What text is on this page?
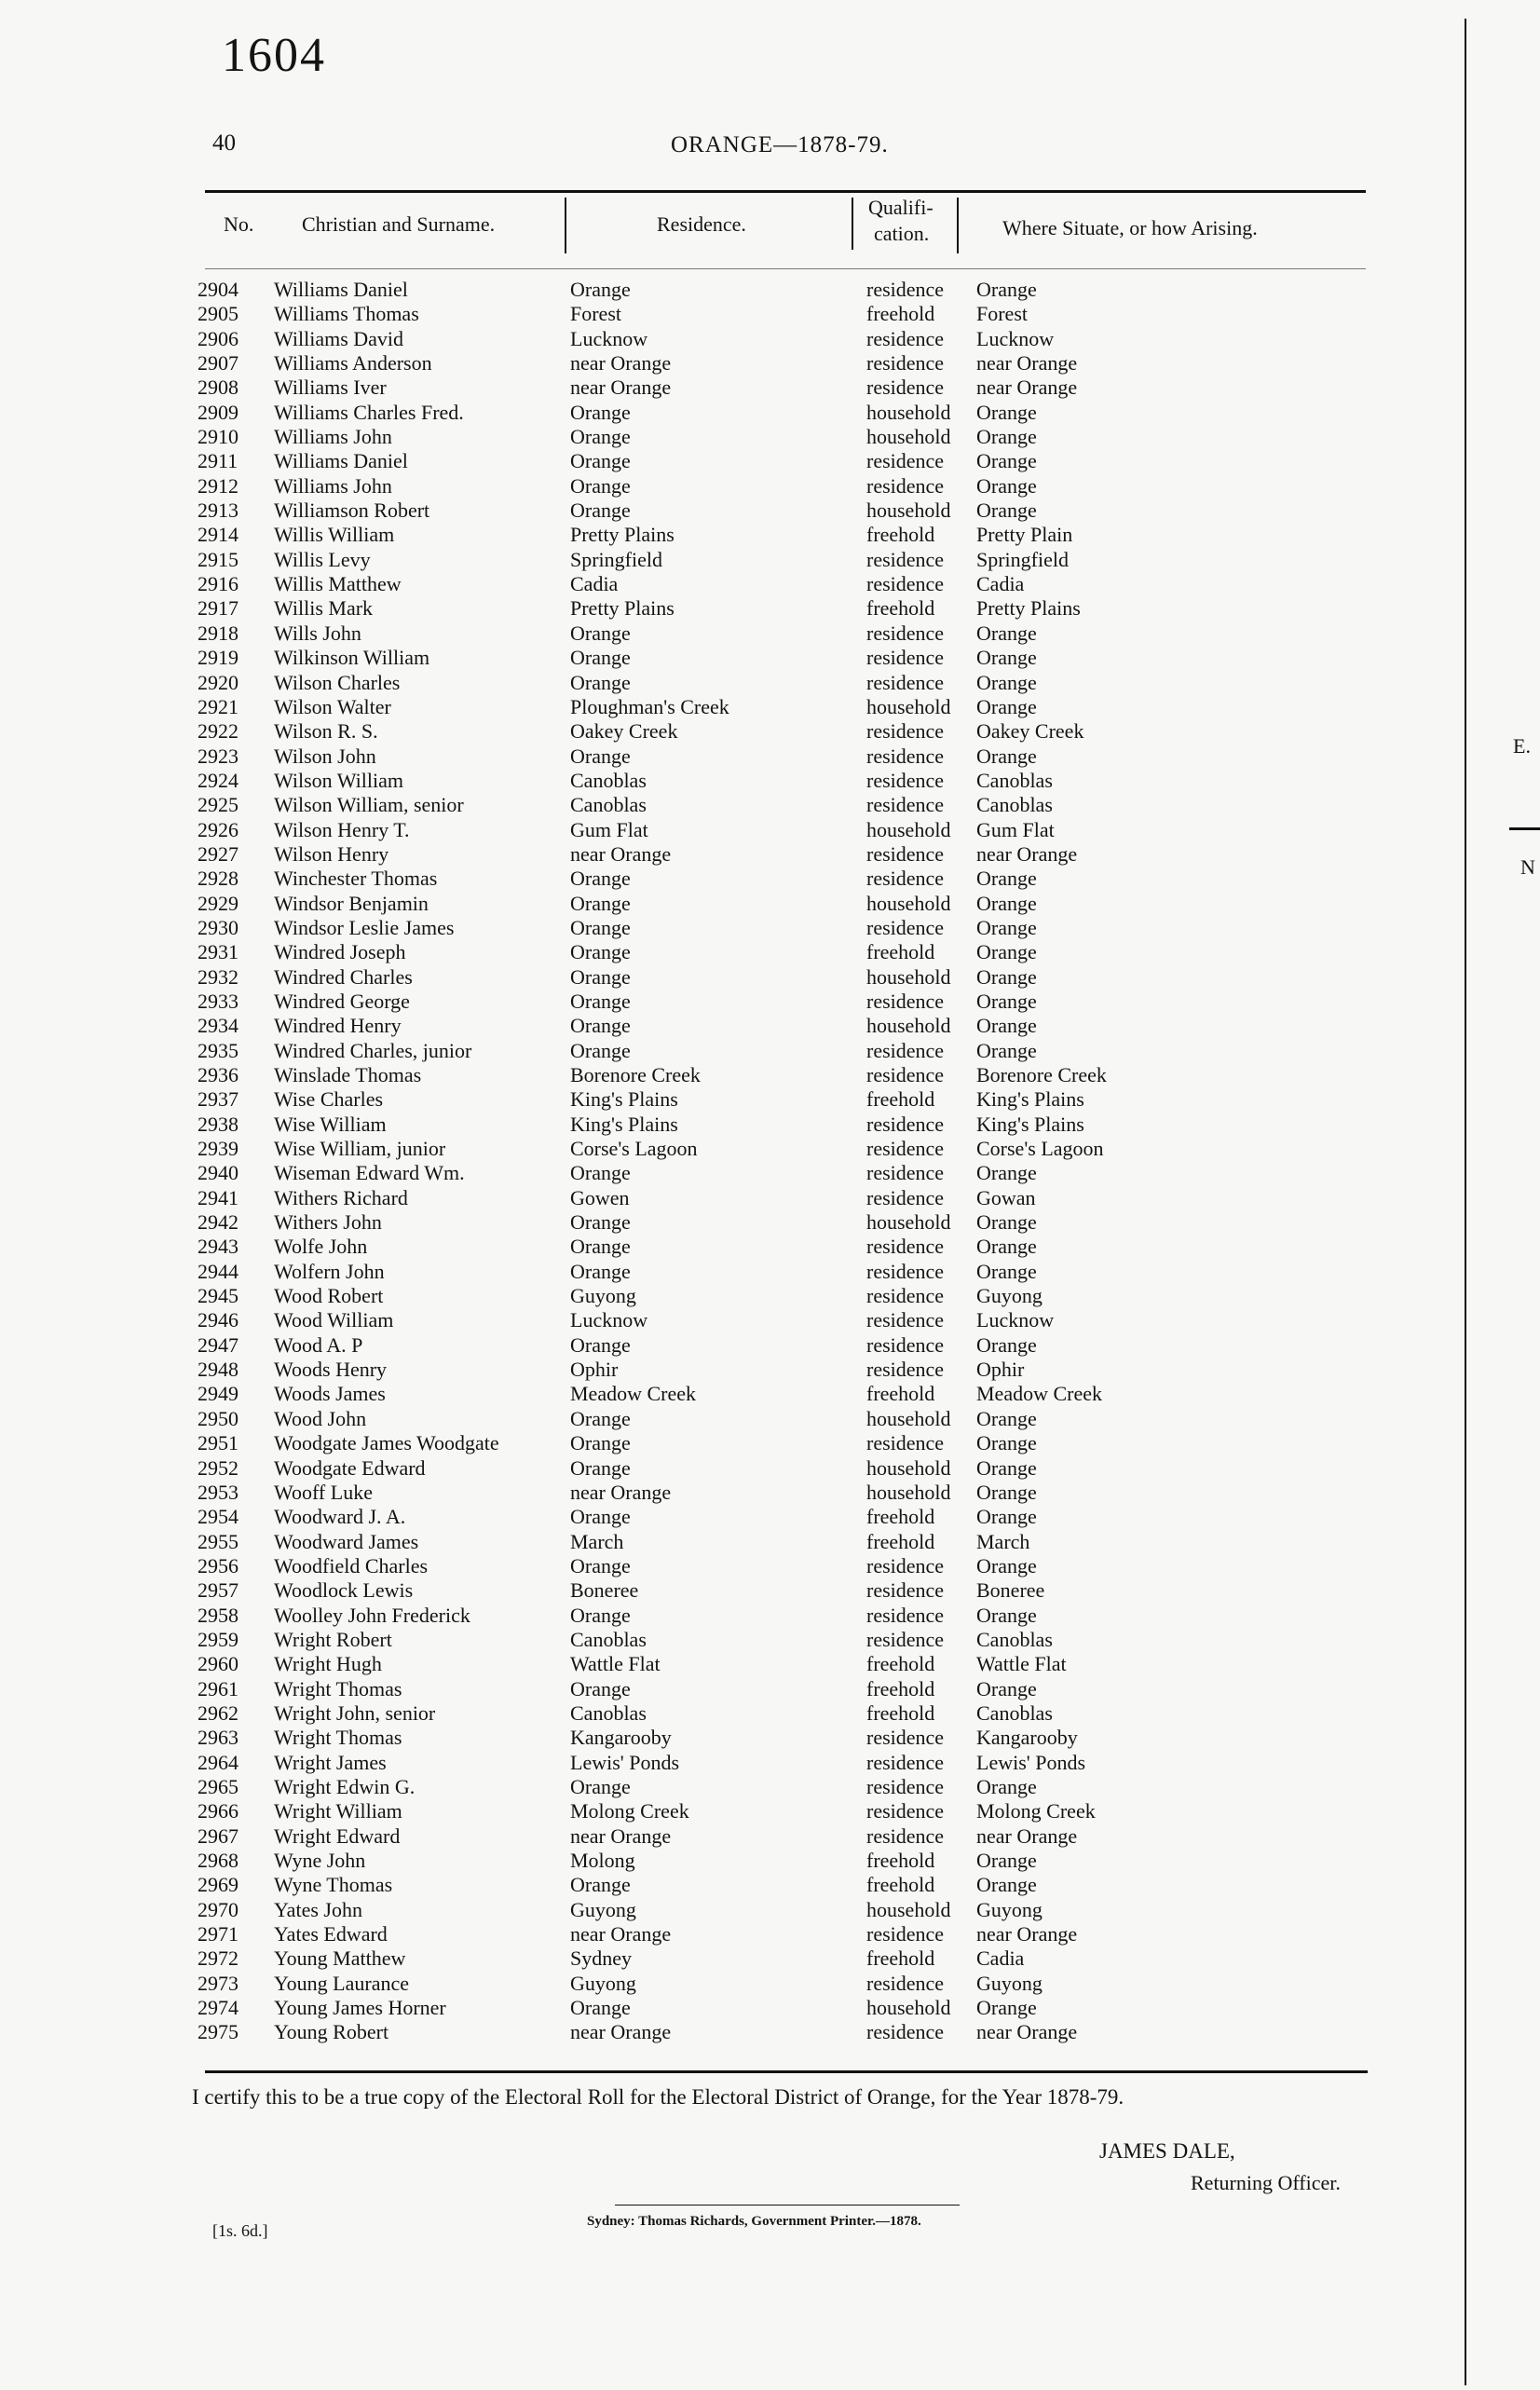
1604
40	ORANGE—1878-79.
No. Christian and Surname.	Residence.
Qualifi-
cation.	Where Situate, or how Arising.
2904	Williams Daniel	Orange	residence Orange
2905	Williams Thomas	Forest	freehold Forest
2906	Williams David	Lucknow	residence Lucknow
2907	Williams Anderson	near Orange	residence near Orange
2908	Williams Iver	near Orange	residence near Orange
2909	Williams Charles Fred.	Orange	household Orange
2910	Williams John	Orange	household Orange
2911	Williams Daniel	Orange	residence Orange
2912	Williams John	Orange	residence Orange
2913	Williamson Robert	Orange	household Orange
2914	Willis William	Pretty Plains	freehold Pretty Plain
2915	Willis Levy	Springfield	residence Springfield
2916	Willis Matthew	Cadia	residence Cadia
2917	Willis Mark	Pretty Plains	freehold Pretty Plains
2918	Wills John	Orange	residence Orange
2919	Wilkinson William	Orange	residence Orange
2920	Wilson Charles	Orange	residence Orange
2921	Wilson Walter	Ploughman's Creek	household Orange
2922	Wilson R. S.	Oakey Creek	residence Oakey Creek
2923	Wilson John	Orange	residence Orange
2924	Wilson William	Canoblas	residence Canoblas
2925	Wilson William, senior	Canoblas	residence Canoblas
2926	Wilson Henry T.	Gum Flat	household Gum Flat
2927	Wilson Henry	near Orange	residence near Orange
2928	Winchester Thomas	Orange	residence Orange
2929	Windsor Benjamin	Orange	household Orange
2930	Windsor Leslie James	Orange	residence Orange
2931	Windred Joseph	Orange	freehold Orange
2932	Windred Charles	Orange	household Orange
2933	Windred George	Orange	residence Orange
2934	Windred Henry	Orange	household Orange
2935	Windred Charles, junior	Orange	residence Orange
2936	Winslade Thomas	Borenore Creek	residence Borenore Creek
2937	Wise Charles	King's Plains	freehold King's Plains
2938	Wise William	King's Plains	residence King's Plains
2939	Wise William, junior	Corse's Lagoon	residence Corse's Lagoon
2940	Wiseman Edward Wm.	Orange	residence Orange
2941	Withers Richard	Gowen	residence Gowan
2942	Withers John	Orange	household Orange
2943	Wolfe John	Orange	residence Orange
2944	Wolfern John	Orange	residence Orange
2945	Wood Robert	Guyong	residence Guyong
2946	Wood William	Lucknow	residence Lucknow
2947	Wood A. P	Orange	residence Orange
2948	Woods Henry	Ophir	residence Ophir
2949	Woods James	Meadow Creek	freehold Meadow Creek
2950	Wood John	Orange	household Orange
2951	Woodgate James Woodgate	Orange	residence Orange
2952	Woodgate Edward	Orange	household Orange
2953	Wooff Luke	near Orange	household Orange
2954	Woodward J. A.	Orange	freehold Orange
2955	Woodward James	March	freehold March
2956	Woodfield Charles	Orange	residence Orange
2957	Woodlock Lewis	Boneree	residence Boneree
2958	Woolley John Frederick	Orange	residence Orange
2959	Wright Robert	Canoblas	residence Canoblas
2960	Wright Hugh	Wattle Flat	freehold Wattle Flat
2961	Wright Thomas	Orange	freehold Orange
2962	Wright John, senior	Canoblas	freehold Canoblas
2963	Wright Thomas	Kangarooby	residence Kangarooby
2964	Wright James	Lewis' Ponds	residence Lewis' Ponds
2965	Wright Edwin G.	Orange	residence Orange
2966	Wright William	Molong Creek	residence Molong Creek
2967	Wright Edward	near Orange	residence near Orange
2968	Wyne John	Molong	freehold Orange
2969	Wyne Thomas	Orange	freehold Orange
2970	Yates John	Guyong	household Guyong
2971	Yates Edward	near Orange	residence near Orange
2972	Young Matthew	Sydney	freehold Cadia
2973	Young Laurance	Guyong	residence Guyong
2974	Young James Horner	Orange	household Orange
2975	Young Robert	near Orange	residence near Orange
I certify this to be a true copy of the Electoral Roll for the Electoral District of Orange, for the Year 1878-79.
JAMES DALE,
Returning Officer.
Sydney: Thomas Richards, Government Printer.—1878.
[1s. 6d.]
E.
N
